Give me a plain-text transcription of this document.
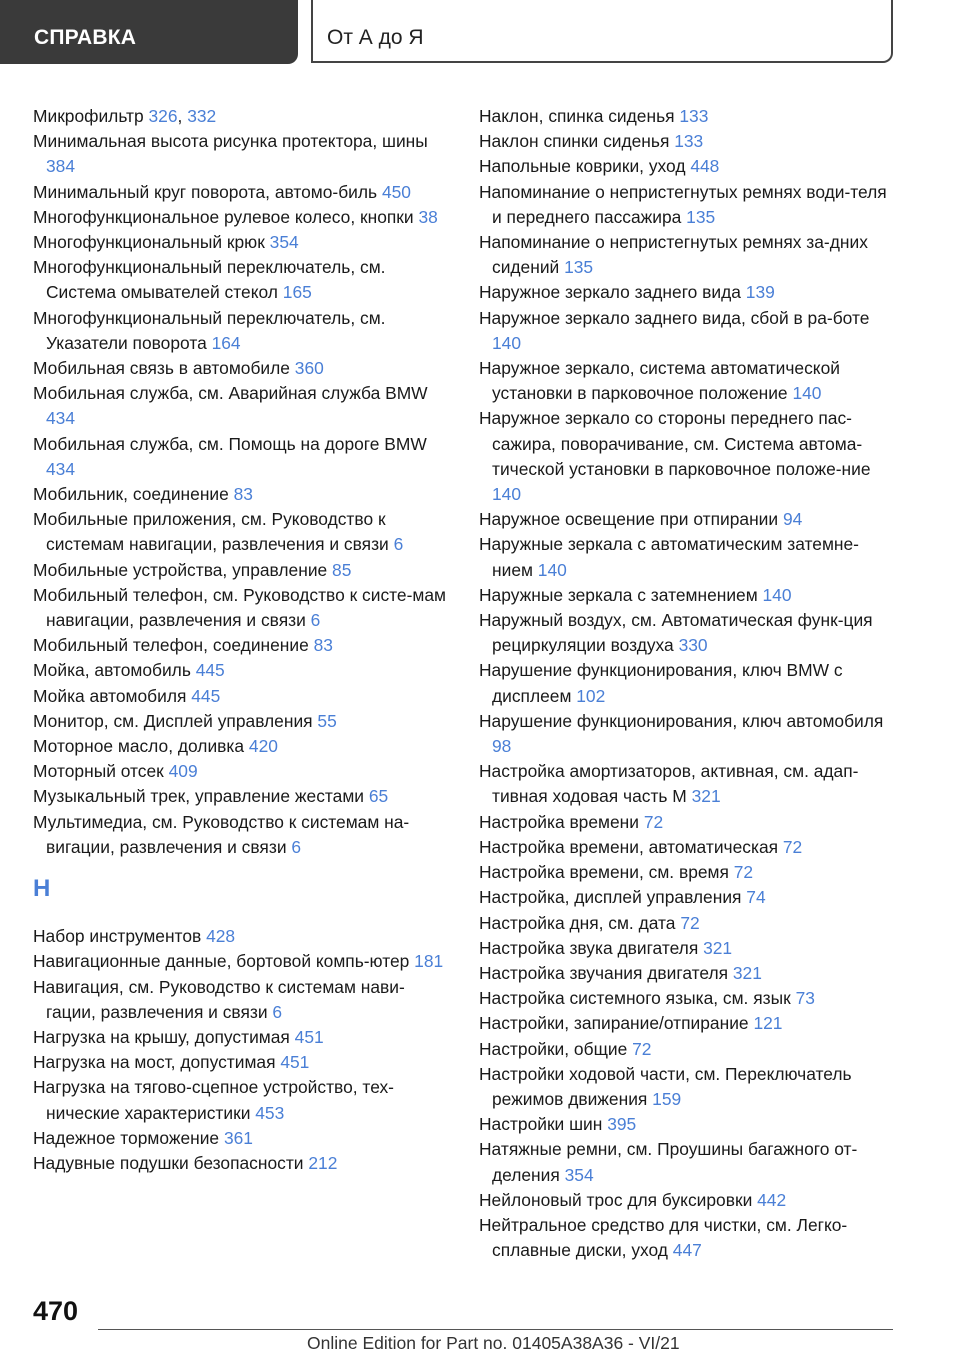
СПРАВКА	От А до Я

Микрофильтр 326, 332

Минимальная высота рисунка протектора, шины 384

Минимальный круг поворота, автомо‐биль 450

Многофункциональное рулевое колесо, кнопки 38

Многофункциональный крюк 354

Многофункциональный переключатель, см. Система омывателей стекол 165

Многофункциональный переключатель, см. Указатели поворота 164

Мобильная связь в автомобиле 360

Мобильная служба, см. Аварийная служба BMW 434

Мобильная служба, см. Помощь на дороге BMW 434

Мобильник, соединение 83

Мобильные приложения, см. Руководство к системам навигации, развлечения и связи 6

Мобильные устройства, управление 85

Мобильный телефон, см. Руководство к систе‐мам навигации, развлечения и связи 6

Мобильный телефон, соединение 83

Мойка, автомобиль 445

Мойка автомобиля 445

Монитор, см. Дисплей управления 55

Моторное масло, доливка 420

Моторный отсек 409

Музыкальный трек, управление жестами 65

Мультимедиа, см. Руководство к системам на‐вигации, развлечения и связи 6

Н

Набор инструментов 428

Навигационные данные, бортовой компь‐ютер 181

Навигация, см. Руководство к системам нави‐гации, развлечения и связи 6

Нагрузка на крышу, допустимая 451

Нагрузка на мост, допустимая 451

Нагрузка на тягово-сцепное устройство, тех‐нические характеристики 453

Надежное торможение 361

Надувные подушки безопасности 212

Наклон, спинка сиденья 133

Наклон спинки сиденья 133

Напольные коврики, уход 448

Напоминание о непристегнутых ремнях води‐теля и переднего пассажира 135

Напоминание о непристегнутых ремнях за‐дних сидений 135

Наружное зеркало заднего вида 139

Наружное зеркало заднего вида, сбой в ра‐боте 140

Наружное зеркало, система автоматической установки в парковочное положение 140

Наружное зеркало со стороны переднего пас‐сажира, поворачивание, см. Система автома‐тической установки в парковочное положе‐ние 140

Наружное освещение при отпирании 94

Наружные зеркала с автоматическим затемне‐нием 140

Наружные зеркала с затемнением 140

Наружный воздух, см. Автоматическая функ‐ция рециркуляции воздуха 330

Нарушение функционирования, ключ BMW с дисплеем 102

Нарушение функционирования, ключ автомобиля 98

Настройка амортизаторов, активная, см. адап‐тивная ходовая часть М 321

Настройка времени 72

Настройка времени, автоматическая 72

Настройка времени, см. время 72

Настройка, дисплей управления 74

Настройка дня, см. дата 72

Настройка звука двигателя 321

Настройка звучания двигателя 321

Настройка системного языка, см. язык 73

Настройки, запирание/отпирание 121

Настройки, общие 72

Настройки ходовой части, см. Переключатель режимов движения 159

Настройки шин 395

Натяжные ремни, см. Проушины багажного от‐деления 354

Нейлоновый трос для буксировки 442

Нейтральное средство для чистки, см. Легко‐сплавные диски, уход 447

470
Online Edition for Part no. 01405A38A36 - VI/21
